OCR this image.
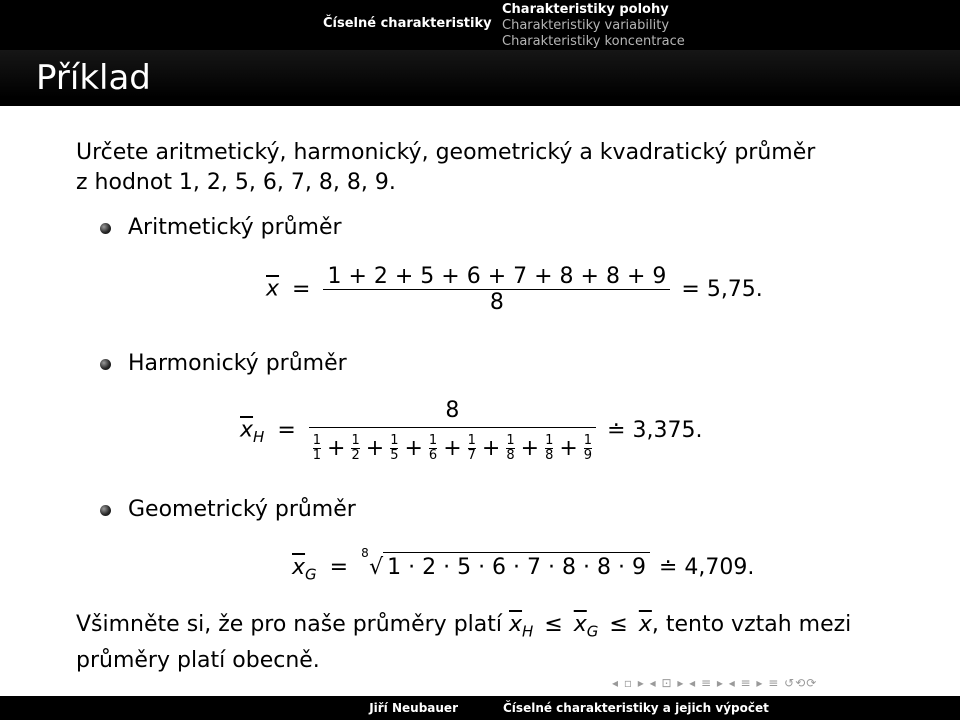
Číselné charakteristiky
Charakteristiky polohy
Charakteristiky variability
Charakteristiky koncentrace
Příklad
Určete aritmetický, harmonický, geometrický a kvadratický průměr
z hodnot 1, 2, 5, 6, 7, 8, 8, 9.
Aritmetický průměr
$\overline{x} = \frac{1 + 2 + 5 + 6 + 7 + 8 + 8 + 9}{8} = 5,75$.
Harmonický průměr
$\overline{x}_H = \frac{8}{\frac{1}{1} + \frac{1}{2} + \frac{1}{5} + \frac{1}{6} + \frac{1}{7} + \frac{1}{8} + \frac{1}{8} + \frac{1}{9}}$ ≐ 3,375.
Geometrický průměr
$\overline{x}_G$ =
8
√ 1 · 2 · 5 · 6 · 7 · 8 · 8 · 9 ≐ 4,709.
Všimněte si, že pro naše průměry platí $\overline{x}_H \le \overline{x}_G \le \overline{x}$, tento vztah mezi
průměry platí obecně.
◂ ▫ ▸ ◂ ⊡ ▸ ◂ ≡ ▸ ◂ ≡ ▸ ≡ ↺⟲⟳
Jiří Neubauer	Číselné charakteristiky a jejich výpočet
